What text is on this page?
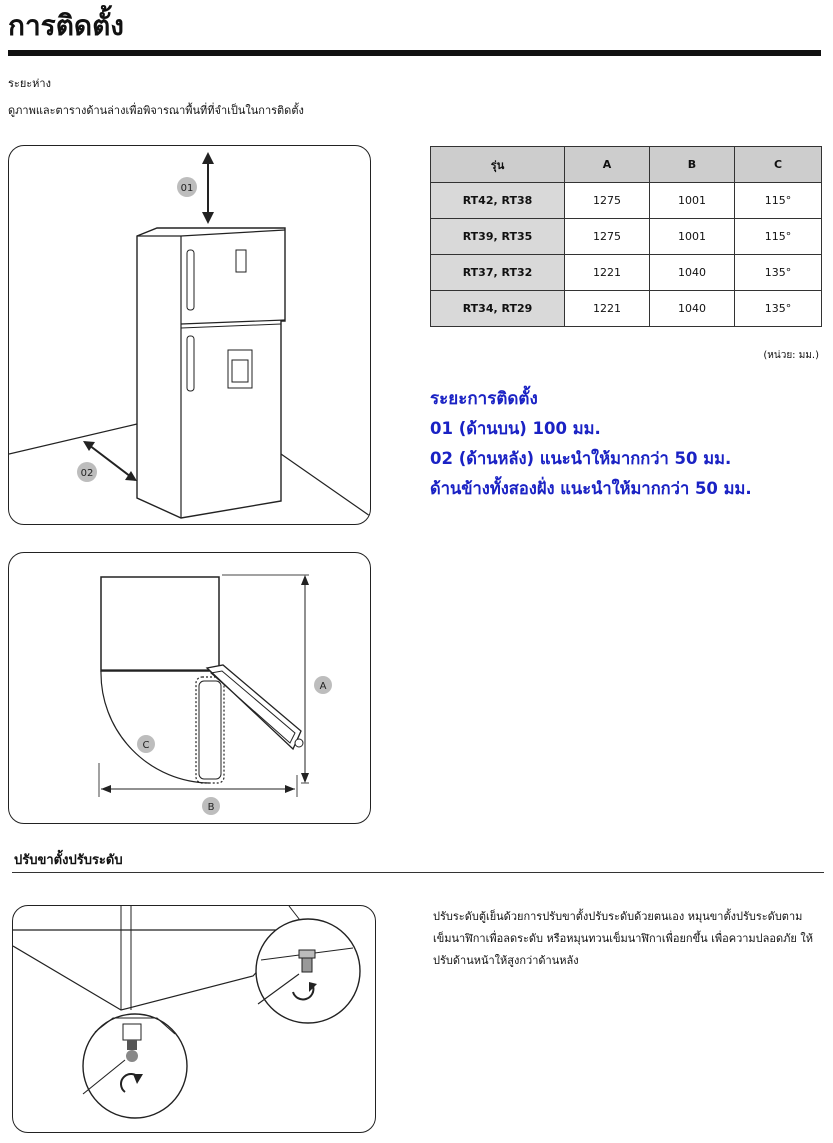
การติดตั้ง
ระยะห่าง
ดูภาพและตารางด้านล่างเพื่อพิจารณาพื้นที่ที่จำเป็นในการติดตั้ง
01
02
A
B
C
รุ่น	A	B	C
RT42, RT38	1275	1001	115°
RT39, RT35	1275	1001	115°
RT37, RT32	1221	1040	135°
RT34, RT29	1221	1040	135°
(หน่วย: มม.)
ระยะการติดตั้ง
01 (ด้านบน) 100 มม.
02 (ด้านหลัง) แนะนำให้มากกว่า 50 มม.
ด้านข้างทั้งสองฝั่ง แนะนำให้มากกว่า 50 มม.
ปรับขาตั้งปรับระดับ
ปรับระดับตู้เย็นด้วยการปรับขาตั้งปรับระดับด้วยตนเอง หมุนขาตั้งปรับระดับตามเข็มนาฬิกาเพื่อลดระดับ หรือหมุนทวนเข็มนาฬิกาเพื่อยกขึ้น เพื่อความปลอดภัย ให้ปรับด้านหน้าให้สูงกว่าด้านหลัง
